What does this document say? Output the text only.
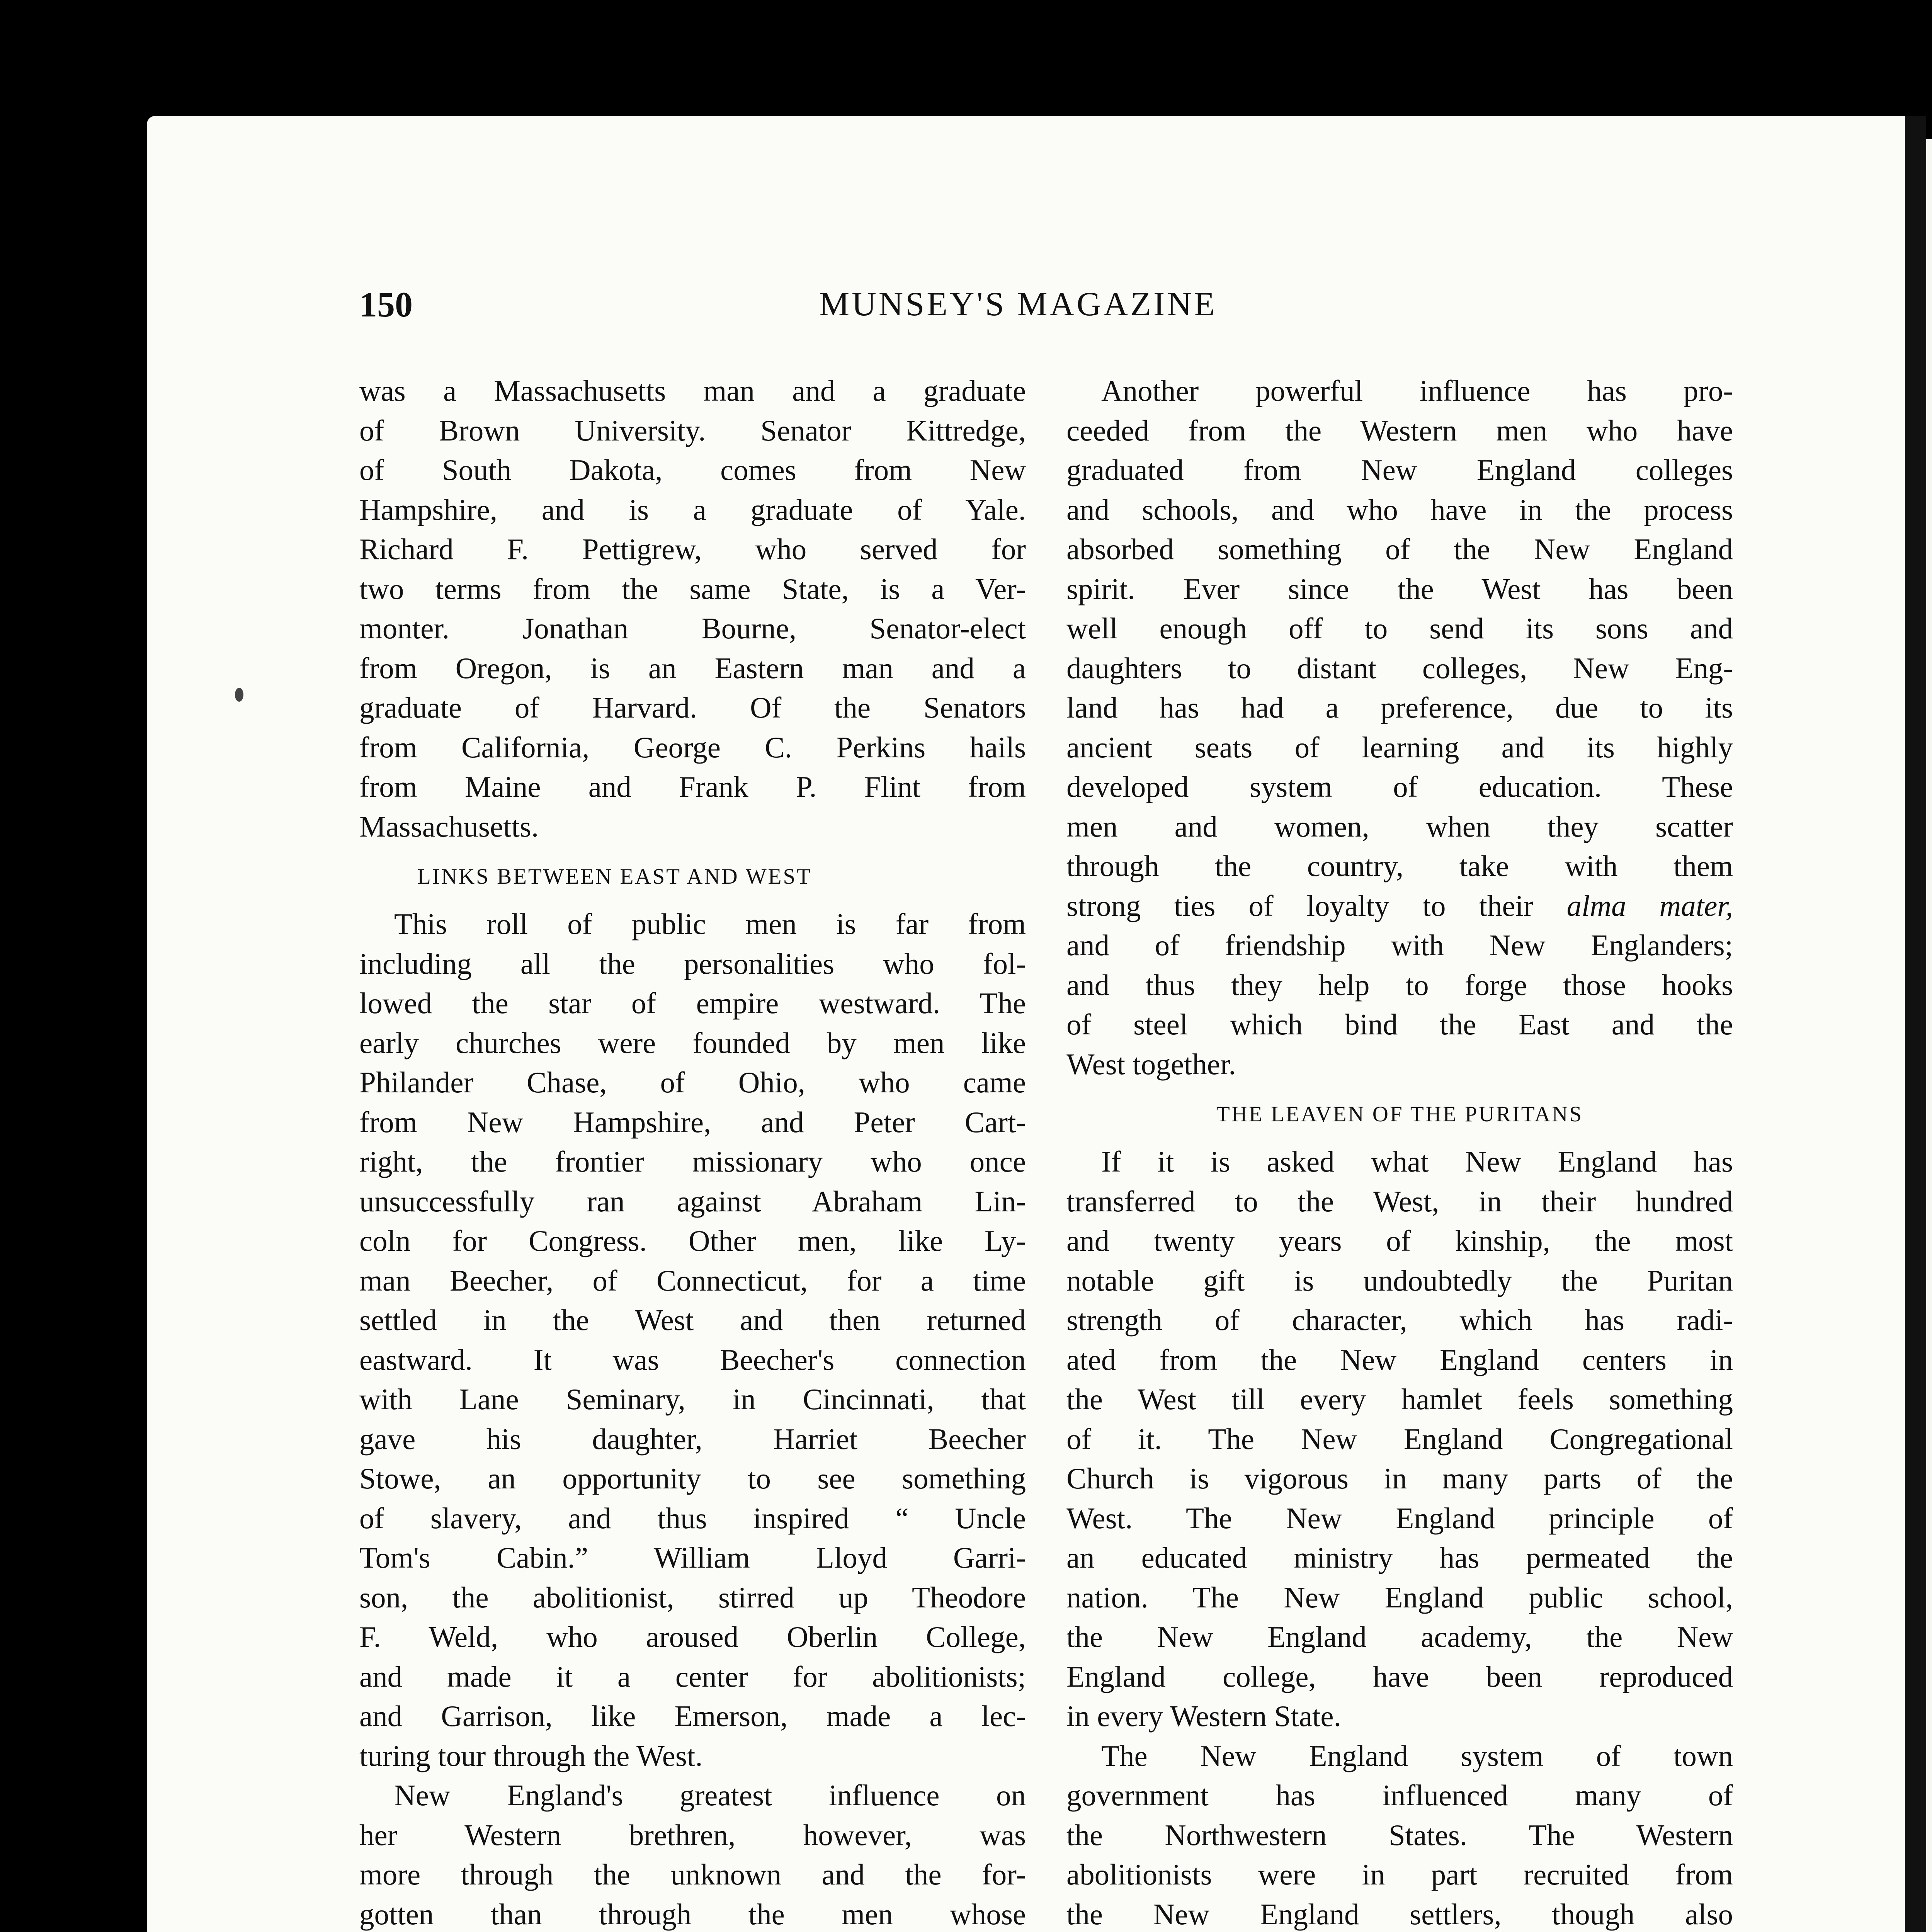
150	MUNSEY'S MAGAZINE
was a Massachusetts man and a graduate
of Brown University. Senator Kittredge,
of South Dakota, comes from New
Hampshire, and is a graduate of Yale.
Richard F. Pettigrew, who served for
two terms from the same State, is a Ver-
monter. Jonathan Bourne, Senator-elect
from Oregon, is an Eastern man and a
graduate of Harvard. Of the Senators
from California, George C. Perkins hails
from Maine and Frank P. Flint from
Massachusetts.
LINKS BETWEEN EAST AND WEST
This roll of public men is far from
including all the personalities who fol-
lowed the star of empire westward. The
early churches were founded by men like
Philander Chase, of Ohio, who came
from New Hampshire, and Peter Cart-
right, the frontier missionary who once
unsuccessfully ran against Abraham Lin-
coln for Congress. Other men, like Ly-
man Beecher, of Connecticut, for a time
settled in the West and then returned
eastward. It was Beecher's connection
with Lane Seminary, in Cincinnati, that
gave his daughter, Harriet Beecher
Stowe, an opportunity to see something
of slavery, and thus inspired “ Uncle
Tom's Cabin.” William Lloyd Garri-
son, the abolitionist, stirred up Theodore
F. Weld, who aroused Oberlin College,
and made it a center for abolitionists;
and Garrison, like Emerson, made a lec-
turing tour through the West.
New England's greatest influence on
her Western brethren, however, was
more through the unknown and the for-
gotten than through the men whose
Another powerful influence has pro-
ceeded from the Western men who have
graduated from New England colleges
and schools, and who have in the process
absorbed something of the New England
spirit. Ever since the West has been
well enough off to send its sons and
daughters to distant colleges, New Eng-
land has had a preference, due to its
ancient seats of learning and its highly
developed system of education. These
men and women, when they scatter
through the country, take with them
strong ties of loyalty to their alma mater,
and of friendship with New Englanders;
and thus they help to forge those hooks
of steel which bind the East and the
West together.
THE LEAVEN OF THE PURITANS
If it is asked what New England has
transferred to the West, in their hundred
and twenty years of kinship, the most
notable gift is undoubtedly the Puritan
strength of character, which has radi-
ated from the New England centers in
the West till every hamlet feels something
of it. The New England Congregational
Church is vigorous in many parts of the
West. The New England principle of
an educated ministry has permeated the
nation. The New England public school,
the New England academy, the New
England college, have been reproduced
in every Western State.
The New England system of town
government has influenced many of
the Northwestern States. The Western
abolitionists were in part recruited from
the New England settlers, though also
